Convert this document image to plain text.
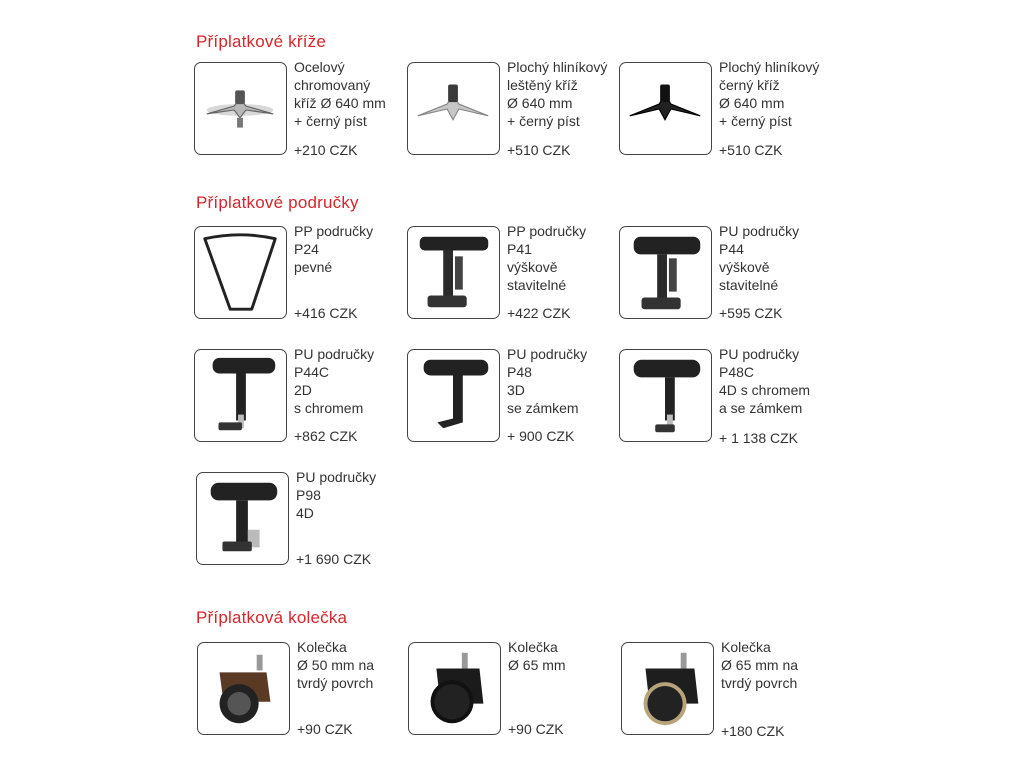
Příplatkové kříže
Příplatkové područky
Příplatková kolečka
Ocelový
chromovaný
kříž Ø 640 mm
+ černý píst
+210 CZK
Plochý hliníkový
leštěný kříž
Ø 640 mm
+ černý píst
+510 CZK
Plochý hliníkový
černý kříž
Ø 640 mm
+ černý píst
+510 CZK
PP područky
P24
pevné
+416 CZK
PP područky
P41
výškově
stavitelné
+422 CZK
PU područky
P44
výškově
stavitelné
+595 CZK
PU područky
P44C
2D
s chromem
+862 CZK
PU područky
P48
3D
se zámkem
+ 900 CZK
PU područky
P48C
4D s chromem
a se zámkem
+ 1 138 CZK
PU područky
P98
4D
+1 690 CZK
Kolečka
Ø 50 mm na
tvrdý povrch
+90 CZK
Kolečka
Ø 65 mm
+90 CZK
Kolečka
Ø 65 mm na
tvrdý povrch
+180 CZK
